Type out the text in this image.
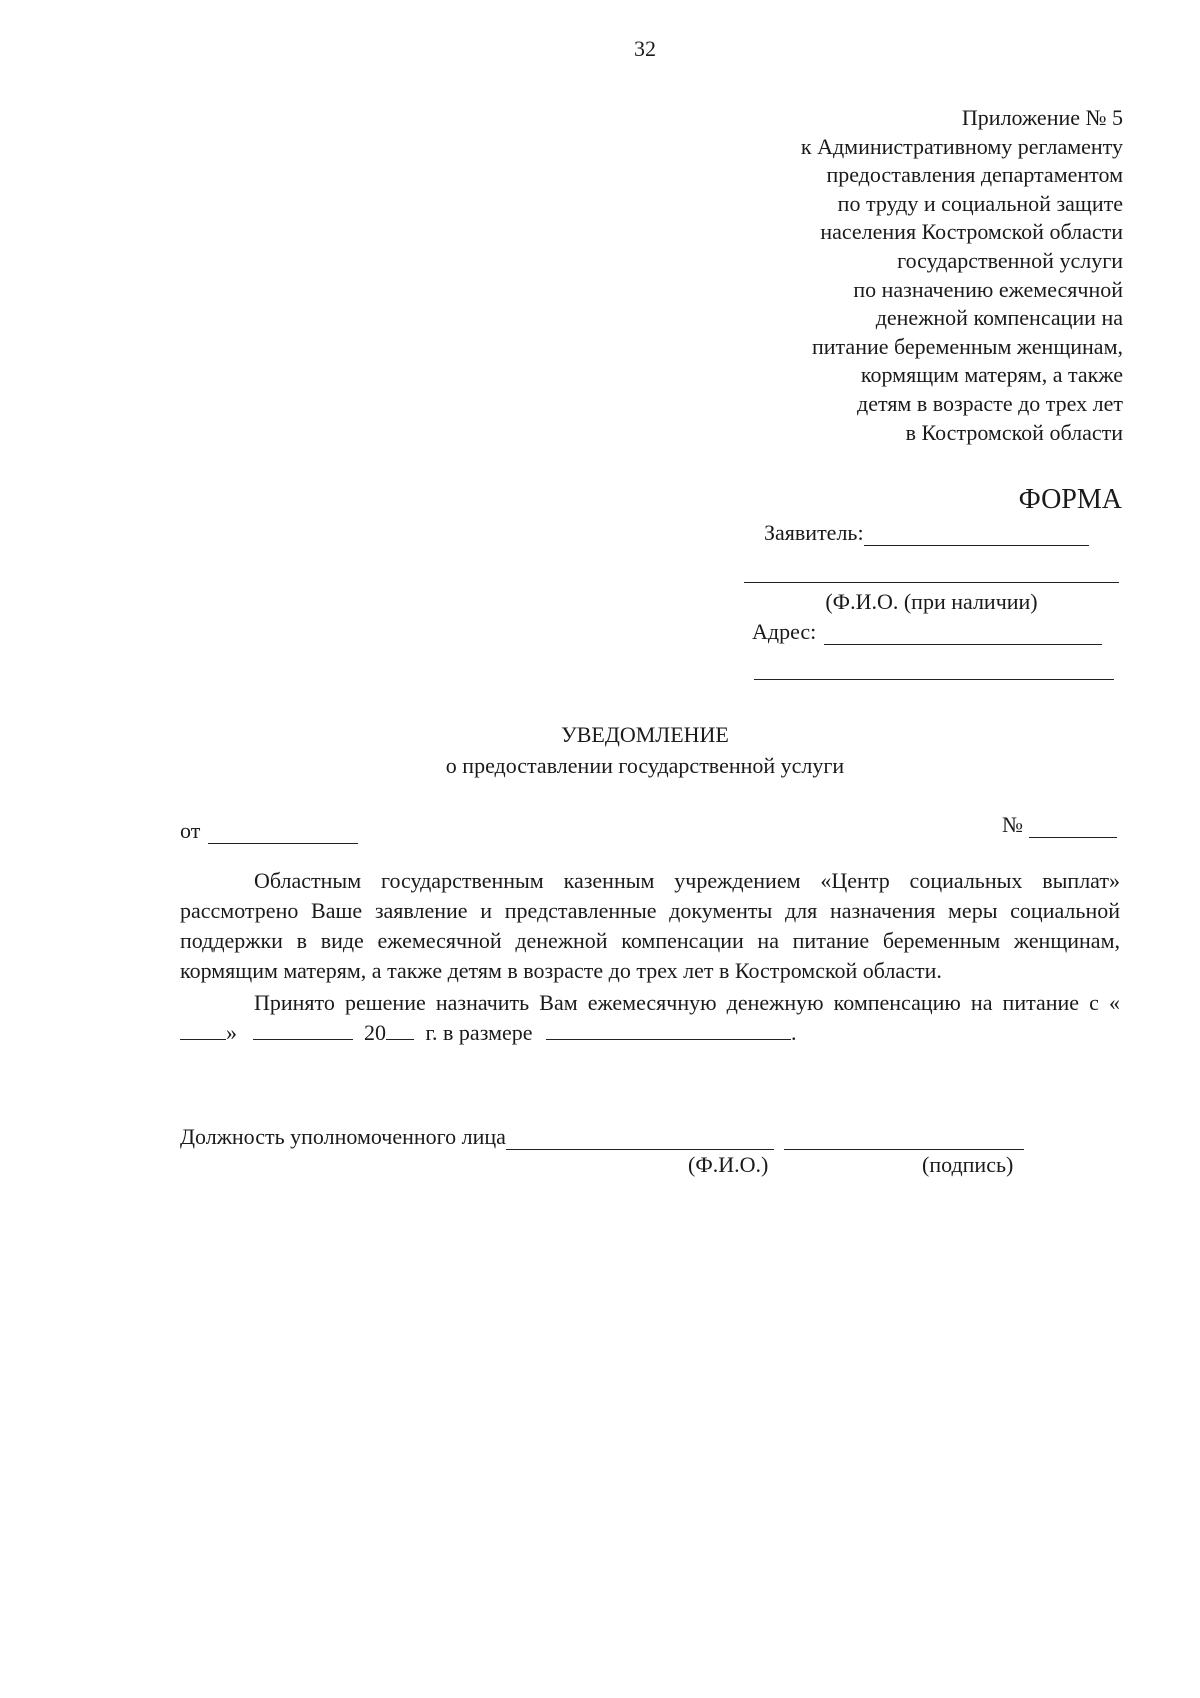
32
Приложение № 5
к Административному регламенту
предоставления департаментом
по труду и социальной защите
населения Костромской области
государственной услуги
по назначению ежемесячной
денежной компенсации на
питание беременным женщинам,
кормящим матерям, а также
детям в возрасте до трех лет
в Костромской области
ФОРМА
Заявитель:
(Ф.И.О. (при наличии)
Адрес:
УВЕДОМЛЕНИЕ
о предоставлении государственной услуги
от	№

Областным государственным казенным учреждением «Центр социальных выплат» рассмотрено Ваше заявление и представленные документы для назначения меры социальной поддержки в виде ежемесячной денежной компенсации на питание беременным женщинам, кормящим матерям, а также детям в возрасте до трех лет в Костромской области.

Принято решение назначить Вам ежемесячную денежную компенсацию на питание с «»	20 г. в размере	.

Должность уполномоченного лица
(Ф.И.О.)	(подпись)
